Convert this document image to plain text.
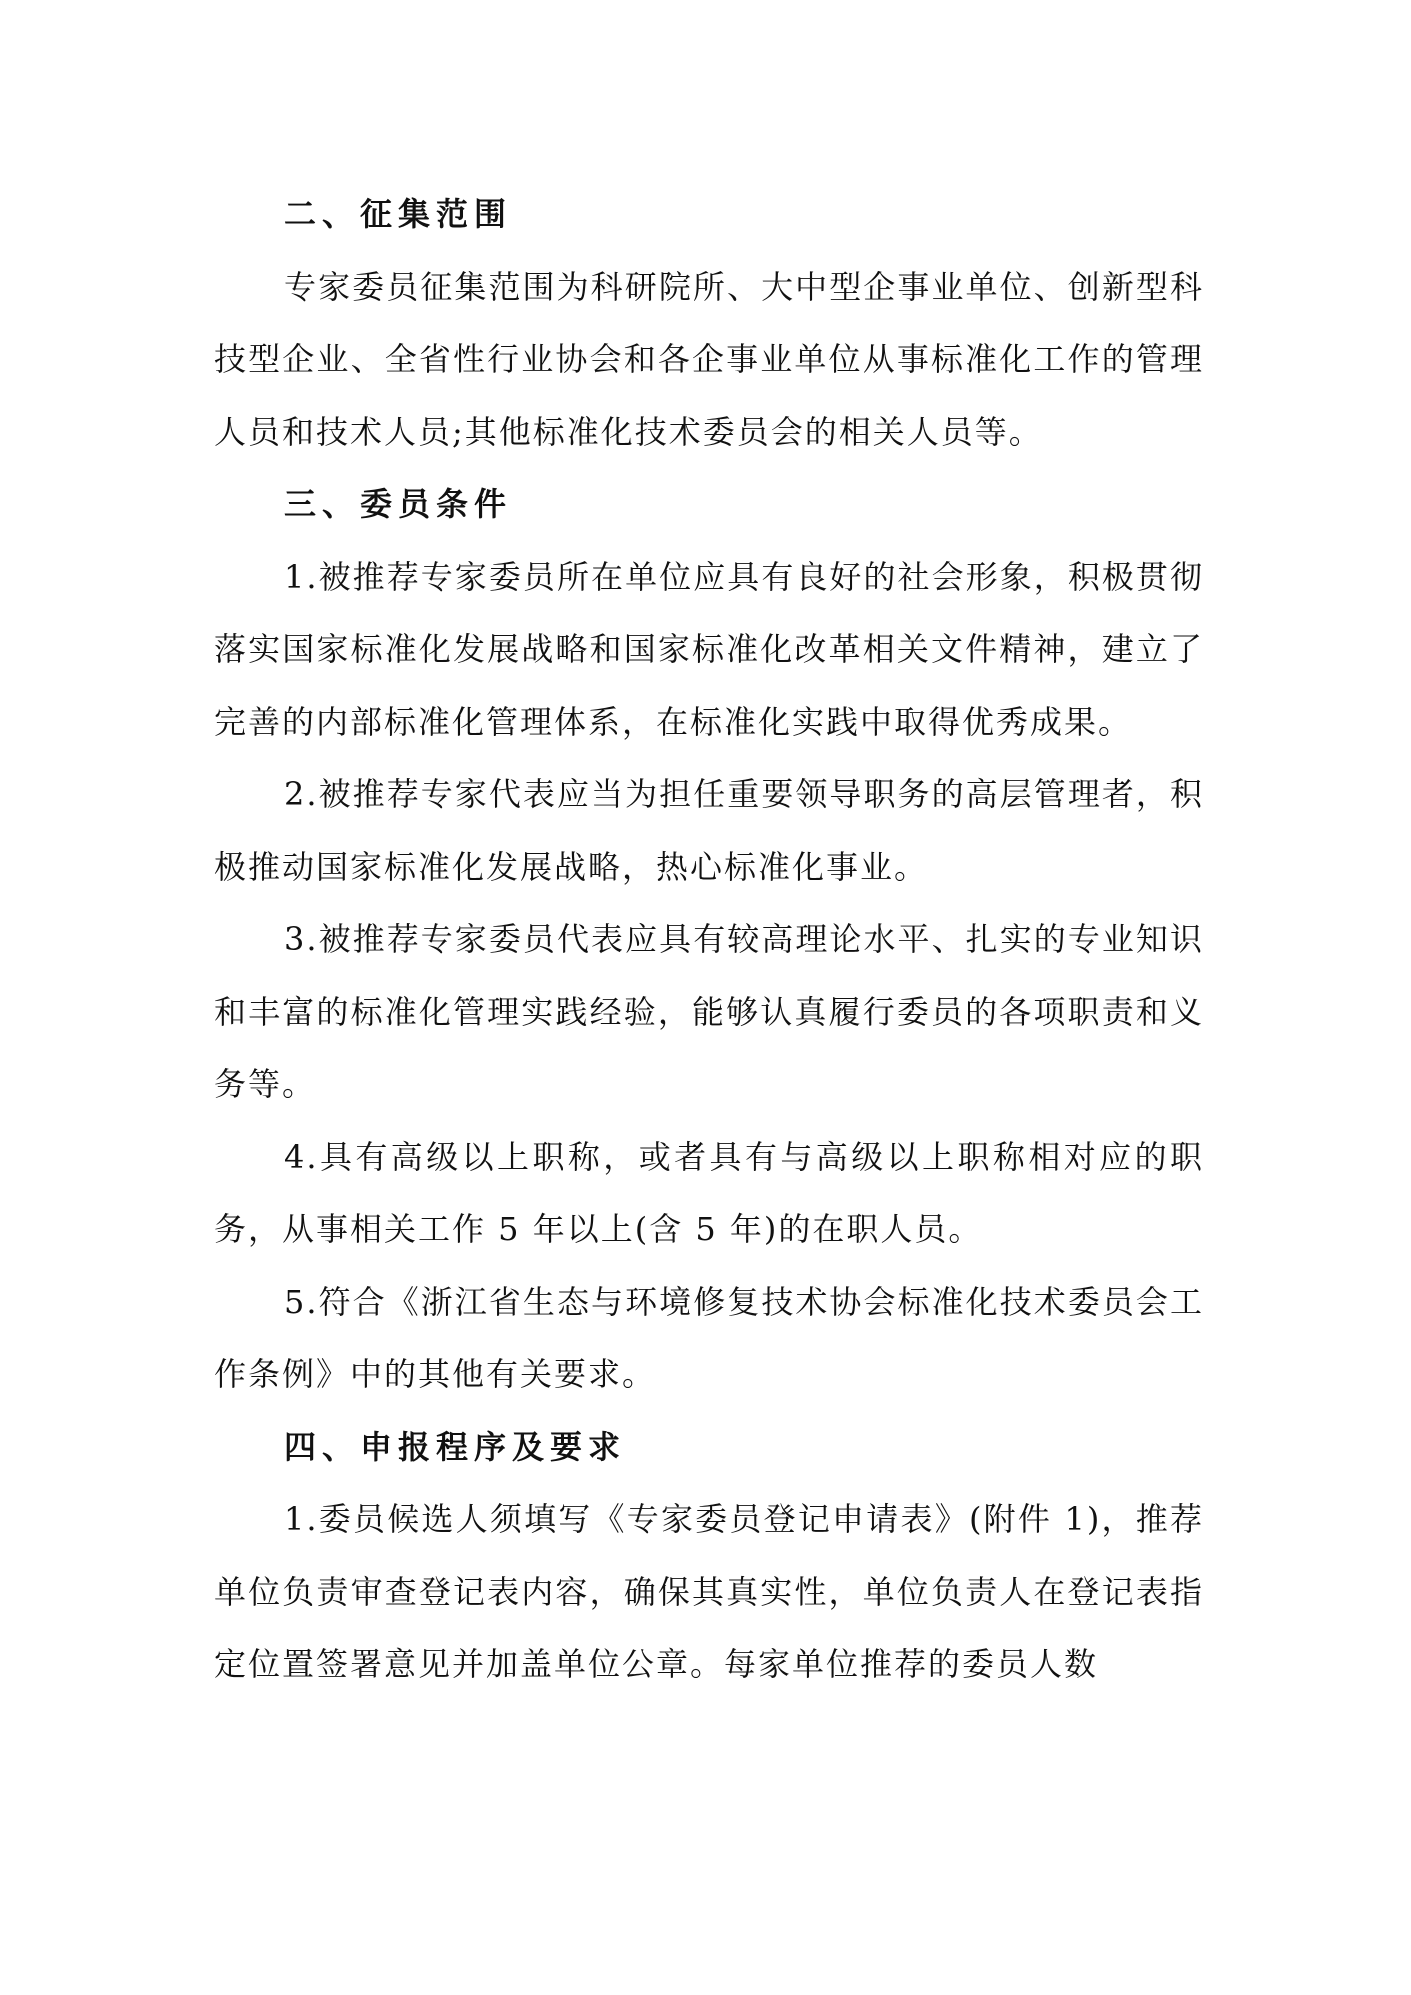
二、征集范围

专家委员征集范围为科研院所、大中型企事业单位、创新型科技型企业、全省性行业协会和各企事业单位从事标准化工作的管理人员和技术人员;其他标准化技术委员会的相关人员等。

三、委员条件

1.被推荐专家委员所在单位应具有良好的社会形象，积极贯彻落实国家标准化发展战略和国家标准化改革相关文件精神，建立了完善的内部标准化管理体系，在标准化实践中取得优秀成果。

2.被推荐专家代表应当为担任重要领导职务的高层管理者，积极推动国家标准化发展战略，热心标准化事业。

3.被推荐专家委员代表应具有较高理论水平、扎实的专业知识和丰富的标准化管理实践经验，能够认真履行委员的各项职责和义务等。

4.具有高级以上职称，或者具有与高级以上职称相对应的职务，从事相关工作 5 年以上(含 5 年)的在职人员。

5.符合《浙江省生态与环境修复技术协会标准化技术委员会工作条例》中的其他有关要求。

四、申报程序及要求

1.委员候选人须填写《专家委员登记申请表》(附件 1)，推荐单位负责审查登记表内容，确保其真实性，单位负责人在登记表指定位置签署意见并加盖单位公章。每家单位推荐的委员人数
